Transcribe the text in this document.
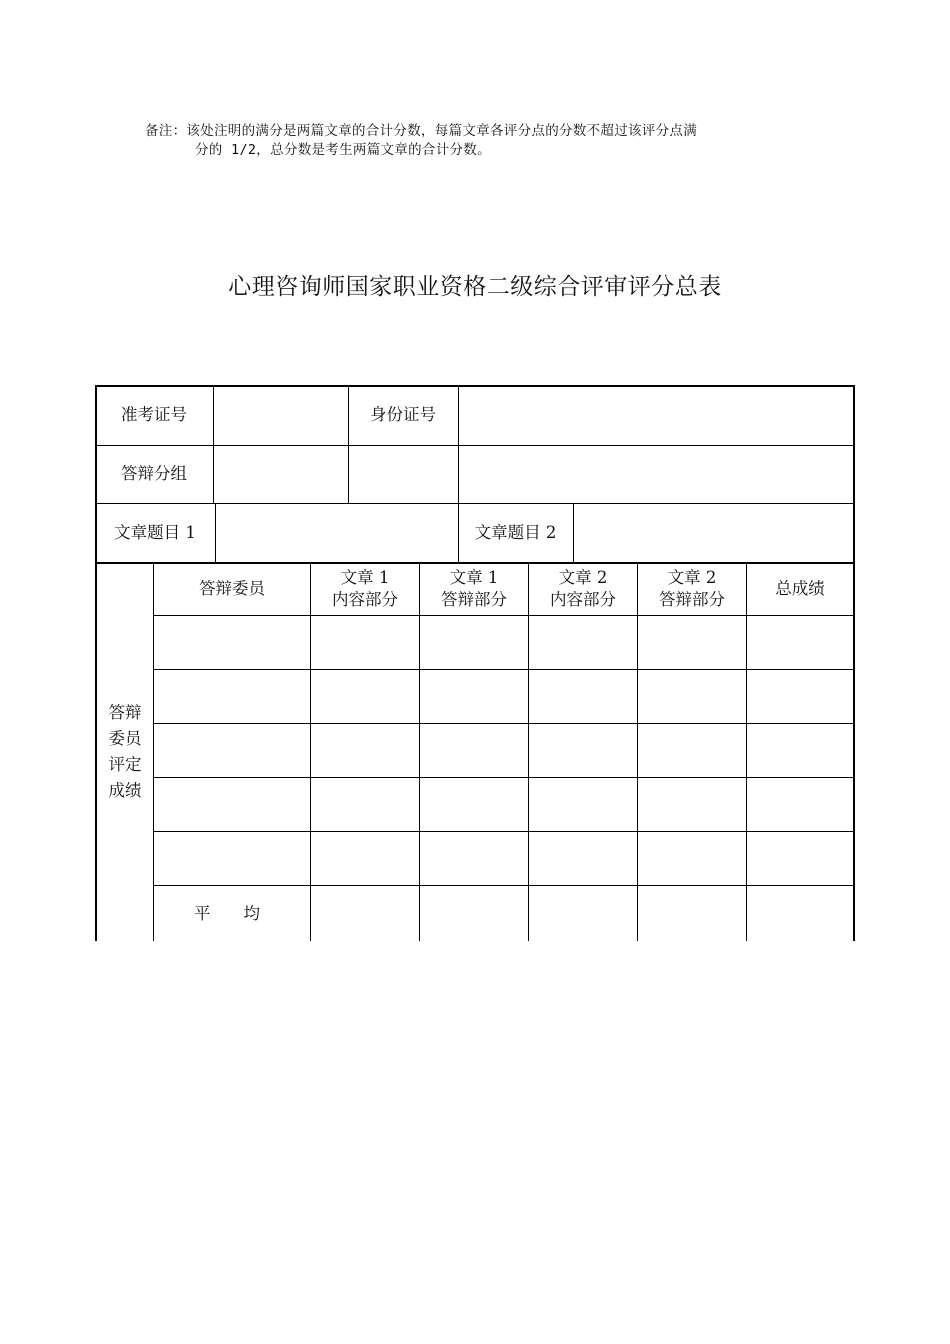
备注：该处注明的满分是两篇文章的合计分数，每篇文章各评分点的分数不超过该评分点满
分的 1/2，总分数是考生两篇文章的合计分数。
心理咨询师国家职业资格二级综合评审评分总表
准考证号	身份证号
答辩分组
文章题目 1	文章题目 2
答辩
委员
评定
成绩
答辩委员
文章 1
内容部分
文章 1
答辩部分
文章 2
内容部分
文章 2
答辩部分
总成绩
平　　均
